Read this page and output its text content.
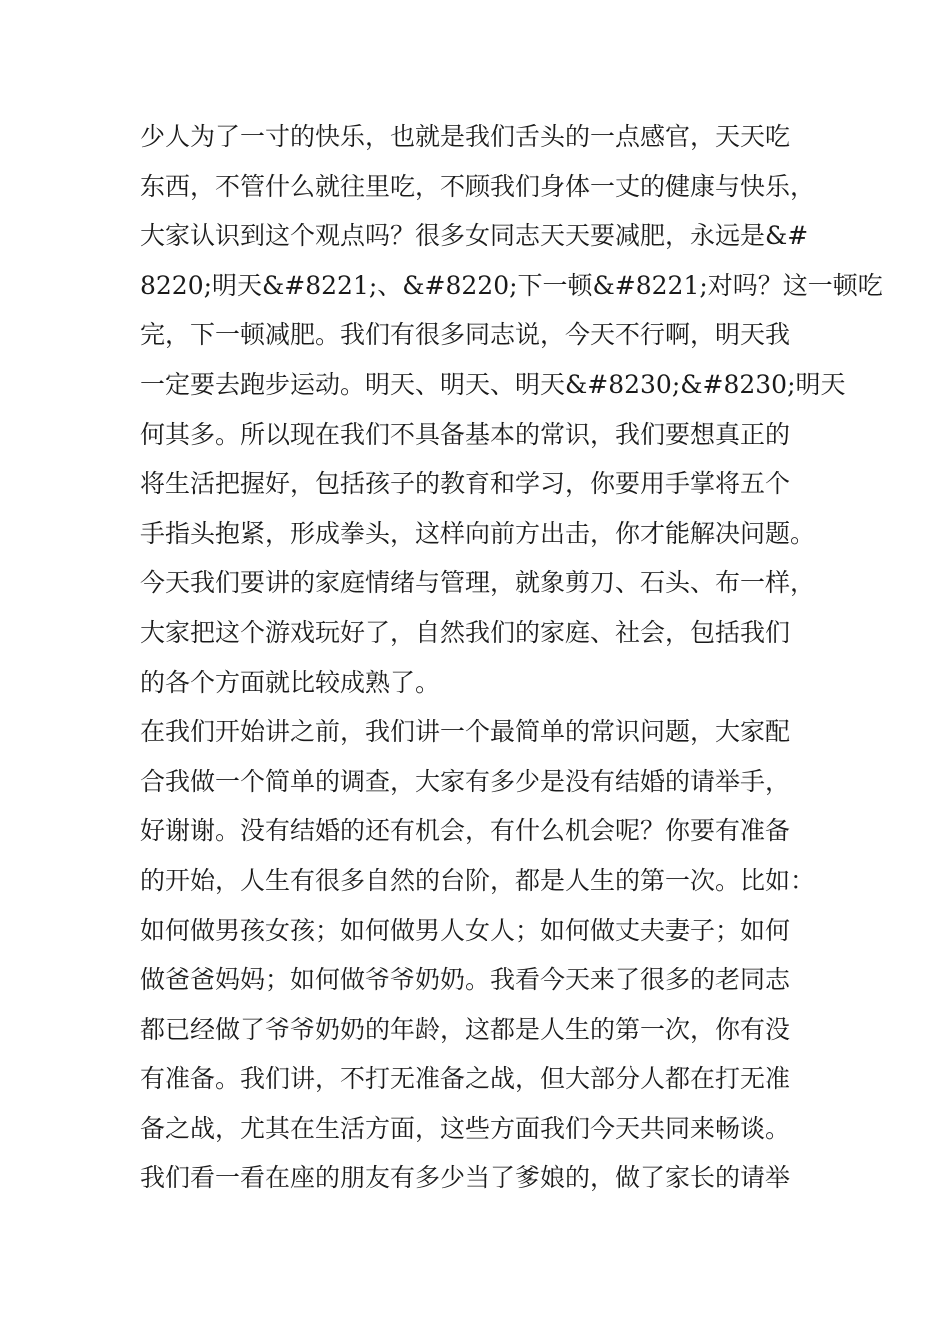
少人为了一寸的快乐，也就是我们舌头的一点感官，天天吃
东西，不管什么就往里吃，不顾我们身体一丈的健康与快乐，
大家认识到这个观点吗？很多女同志天天要减肥，永远是&#
8220;明天&#8221;、&#8220;下一顿&#8221;对吗？这一顿吃
完，下一顿减肥。我们有很多同志说，今天不行啊，明天我
一定要去跑步运动。明天、明天、明天&#8230;&#8230;明天
何其多。所以现在我们不具备基本的常识，我们要想真正的
将生活把握好，包括孩子的教育和学习，你要用手掌将五个
手指头抱紧，形成拳头，这样向前方出击，你才能解决问题。
今天我们要讲的家庭情绪与管理，就象剪刀、石头、布一样，
大家把这个游戏玩好了，自然我们的家庭、社会，包括我们
的各个方面就比较成熟了。
在我们开始讲之前，我们讲一个最简单的常识问题，大家配
合我做一个简单的调查，大家有多少是没有结婚的请举手，
好谢谢。没有结婚的还有机会，有什么机会呢？你要有准备
的开始，人生有很多自然的台阶，都是人生的第一次。比如：
如何做男孩女孩；如何做男人女人；如何做丈夫妻子；如何
做爸爸妈妈；如何做爷爷奶奶。我看今天来了很多的老同志
都已经做了爷爷奶奶的年龄，这都是人生的第一次，你有没
有准备。我们讲，不打无准备之战，但大部分人都在打无准
备之战，尤其在生活方面，这些方面我们今天共同来畅谈。
我们看一看在座的朋友有多少当了爹娘的，做了家长的请举
